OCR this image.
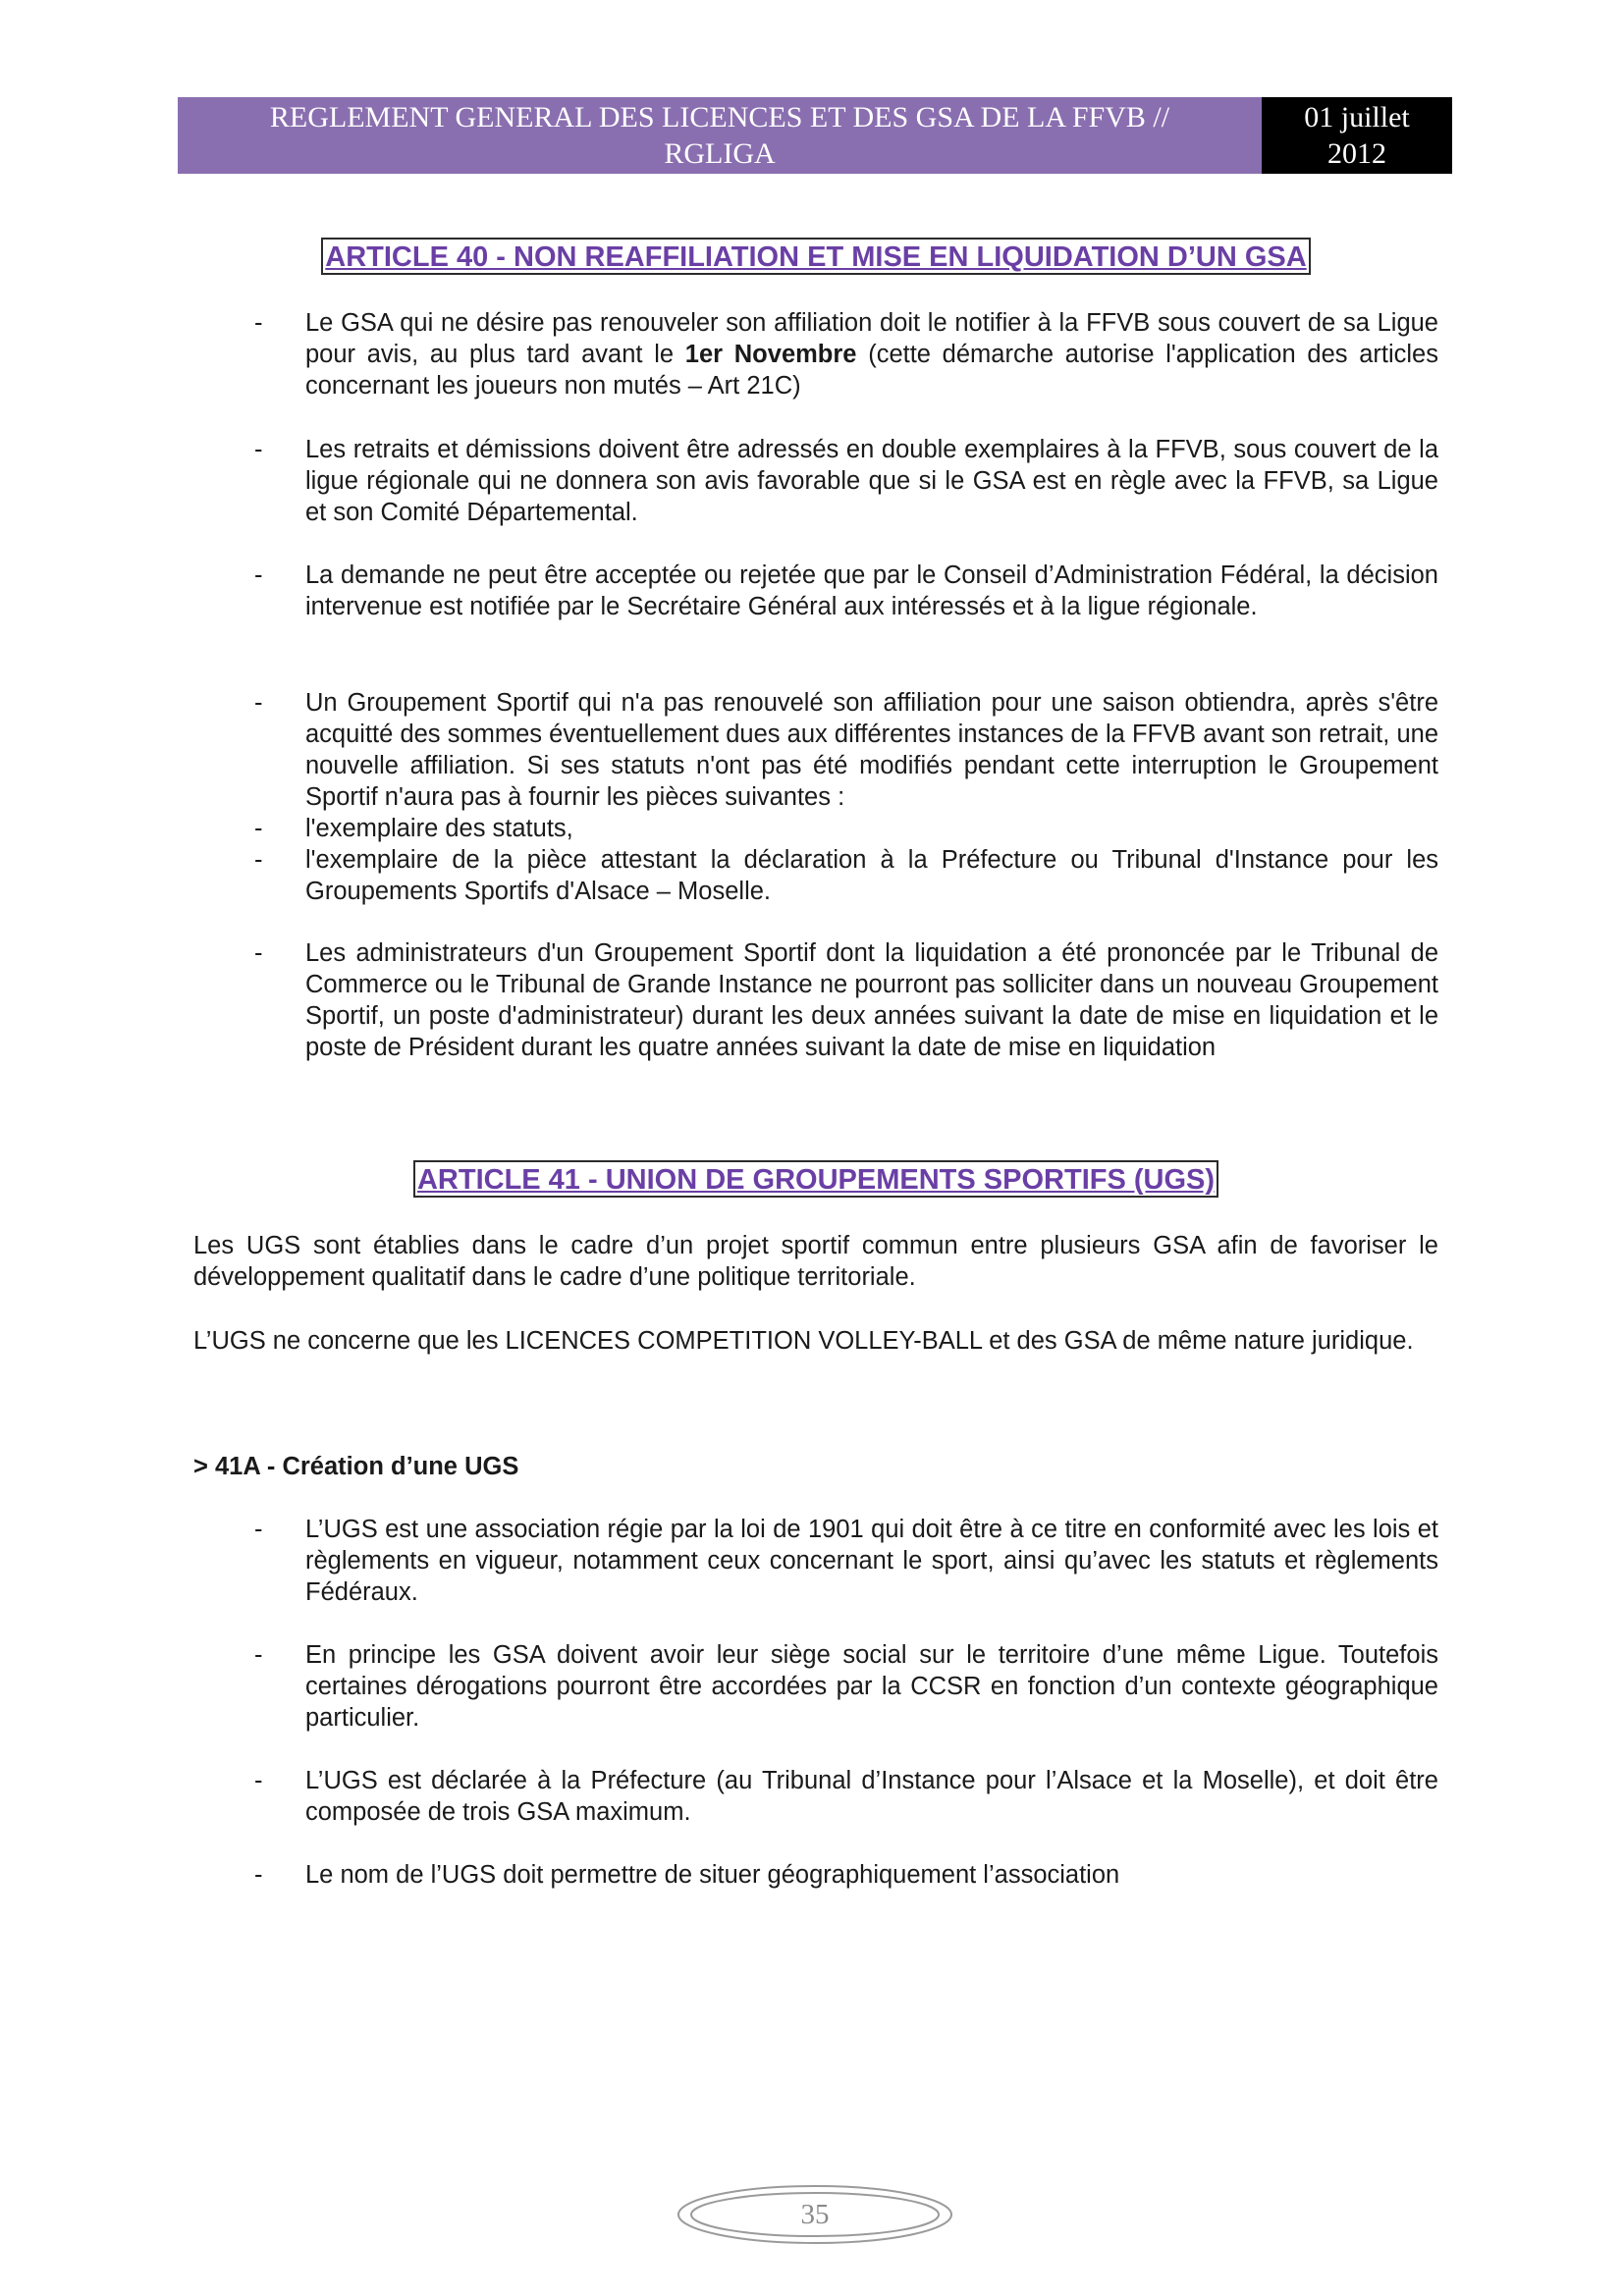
REGLEMENT GENERAL DES LICENCES ET DES GSA DE LA FFVB //
RGLIGA
01 juillet
2012
ARTICLE 40 - NON REAFFILIATION ET MISE EN LIQUIDATION D’UN GSA
- Le GSA qui ne désire pas renouveler son affiliation doit le notifier à la FFVB sous couvert de sa Ligue pour avis, au plus tard avant le 1er Novembre (cette démarche autorise l'application des articles concernant les joueurs non mutés – Art 21C)
- Les retraits et démissions doivent être adressés en double exemplaires à la FFVB, sous couvert de la ligue régionale qui ne donnera son avis favorable que si le GSA est en règle avec la FFVB, sa Ligue et son Comité Départemental.
- La demande ne peut être acceptée ou rejetée que par le Conseil d’Administration Fédéral, la décision intervenue est notifiée par le Secrétaire Général aux intéressés et à la ligue régionale.
- Un Groupement Sportif qui n'a pas renouvelé son affiliation pour une saison obtiendra, après s'être acquitté des sommes éventuellement dues aux différentes instances de la FFVB avant son retrait, une nouvelle affiliation. Si ses statuts n'ont pas été modifiés pendant cette interruption le Groupement Sportif n'aura pas à fournir les pièces suivantes :
- l'exemplaire des statuts,
- l'exemplaire de la pièce attestant la déclaration à la Préfecture ou Tribunal d'Instance pour les Groupements Sportifs d'Alsace – Moselle.
- Les administrateurs d'un Groupement Sportif dont la liquidation a été prononcée par le Tribunal de Commerce ou le Tribunal de Grande Instance ne pourront pas solliciter dans un nouveau Groupement Sportif, un poste d'administrateur) durant les deux années suivant la date de mise en liquidation et le poste de Président durant les quatre années suivant la date de mise en liquidation
ARTICLE 41 - UNION DE GROUPEMENTS SPORTIFS (UGS)
Les UGS sont établies dans le cadre d’un projet sportif commun entre plusieurs GSA afin de favoriser le développement qualitatif dans le cadre d’une politique territoriale.
L’UGS ne concerne que les LICENCES COMPETITION VOLLEY-BALL et des GSA de même nature juridique.
> 41A - Création d’une UGS
- L’UGS est une association régie par la loi de 1901 qui doit être à ce titre en conformité avec les lois et règlements en vigueur, notamment ceux concernant le sport, ainsi qu’avec les statuts et règlements Fédéraux.
- En principe les GSA doivent avoir leur siège social sur le territoire d’une même Ligue. Toutefois certaines dérogations pourront être accordées par la CCSR en fonction d’un contexte géographique particulier.
- L’UGS est déclarée à la Préfecture (au Tribunal d’Instance pour l’Alsace et la Moselle), et doit être composée de trois GSA maximum.
- Le nom de l’UGS doit permettre de situer géographiquement l’association
35
